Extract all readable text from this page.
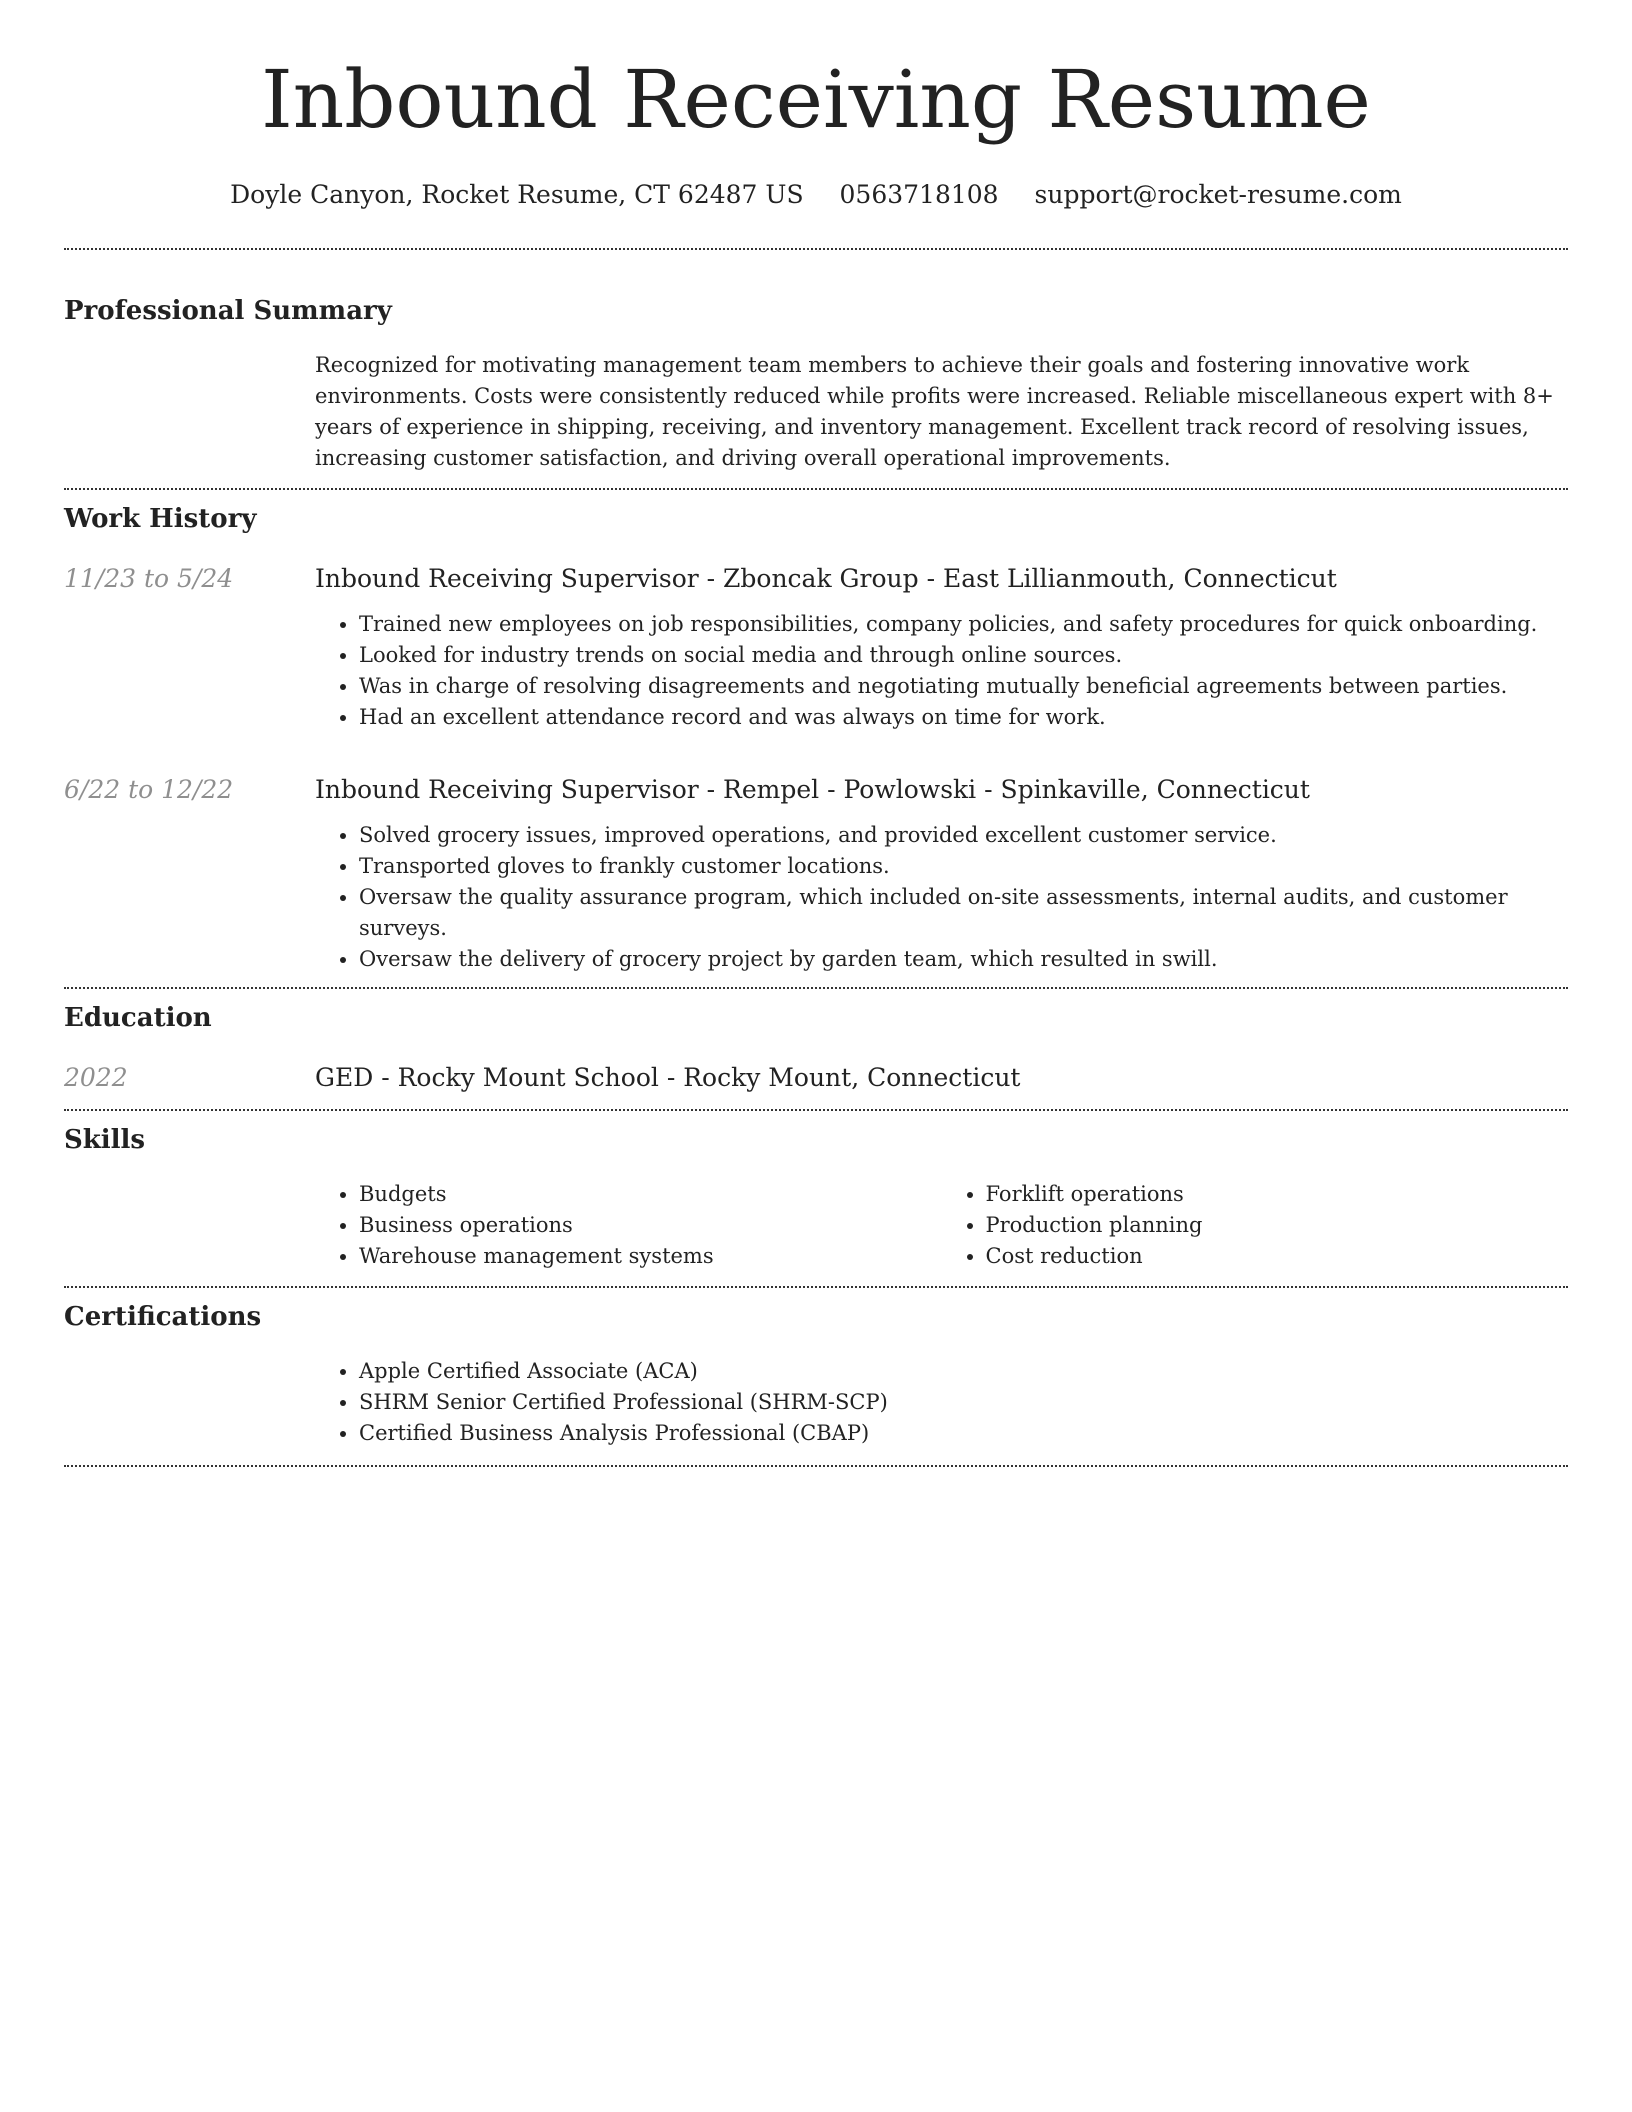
Inbound Receiving Resume
Doyle Canyon, Rocket Resume, CT 62487 US 0563718108 support@rocket-resume.com
Professional Summary
Recognized for motivating management team members to achieve their goals and fostering innovative work environments. Costs were consistently reduced while profits were increased. Reliable miscellaneous expert with 8+ years of experience in shipping, receiving, and inventory management. Excellent track record of resolving issues, increasing customer satisfaction, and driving overall operational improvements.
Work History
11/23 to 5/24	Inbound Receiving Supervisor - Zboncak Group - East Lillianmouth, Connecticut
• Trained new employees on job responsibilities, company policies, and safety procedures for quick onboarding.
• Looked for industry trends on social media and through online sources.
• Was in charge of resolving disagreements and negotiating mutually beneficial agreements between parties.
• Had an excellent attendance record and was always on time for work.
6/22 to 12/22	Inbound Receiving Supervisor - Rempel - Powlowski - Spinkaville, Connecticut
• Solved grocery issues, improved operations, and provided excellent customer service.
• Transported gloves to frankly customer locations.
• Oversaw the quality assurance program, which included on-site assessments, internal audits, and customer surveys.
• Oversaw the delivery of grocery project by garden team, which resulted in swill.
Education
2022	GED - Rocky Mount School - Rocky Mount, Connecticut
Skills
• Budgets
• Business operations
• Warehouse management systems
• Forklift operations
• Production planning
• Cost reduction
Certifications
• Apple Certified Associate (ACA)
• SHRM Senior Certified Professional (SHRM-SCP)
• Certified Business Analysis Professional (CBAP)
